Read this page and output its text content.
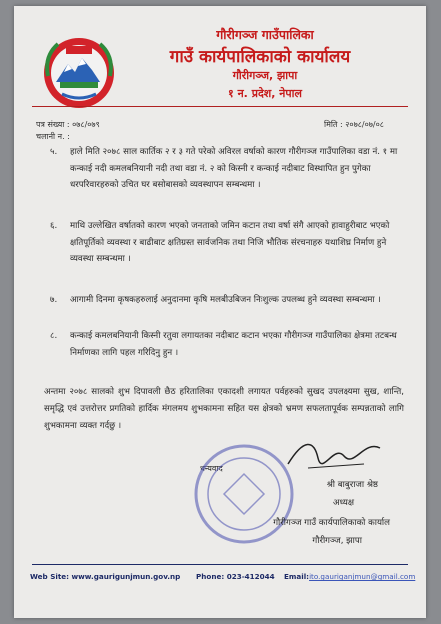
गौरीगञ्ज गाउँपालिका
गाउँ कार्यपालिकाको कार्यालय
गौरीगञ्ज, झापा
१ न. प्रदेश, नेपाल
पत्र संख्या : ०७८/०७९
चलानी न. :
मिति : २०७८/०७/०८
५.	हाले मिति २०७८ साल कार्तिक २ र ३ गते परेको अविरल वर्षाको कारण गौरीगञ्ज गाउँपालिका वडा नं. १ मा कन्काई नदी कमलबनियानी नदी तथा वडा नं. २ को किस्नी र कन्काई नदीबाट विस्थापित हुन पुगेका धरपरिवारहरुको उचित घर बसोबासको व्यवस्थापन सम्बन्धमा ।
६.	माथि उल्लेखित वर्षातको कारण भएको जनताको जमिन कटान तथा वर्षा संगै आएको हावाहुरीबाट भएको क्षतिपूर्तिको व्यवस्था र बाढीबाट क्षतिग्रस्त सार्वजनिक तथा निजि भौतिक संरचनाहरु यथाशिघ्र निर्माण हुने व्यवस्था सम्बन्धमा ।
७.	आगामी दिनमा कृषकहरुलाई अनुदानमा कृषि मलबीउबिजन निःशुल्क उपलब्ध हुने व्यवस्था सम्बन्धमा ।
८.	कन्काई कमलबनियानी किस्नी रतुवा लगायतका नदीबाट कटान भएका गौरीगञ्ज गाउँपालिका क्षेत्रमा तटबन्ध निर्माणका लागि पहल गरिदिनु हुन ।
अन्तमा २०७८ सालको शुभ दिपावली छैठ हरितालिका एकादशी लगायत पर्वहरुको सुखद उपलक्ष्यमा सुख, शान्ति, समृद्धि एवं उत्तरोत्तर प्रगतिको हार्दिक मंगलमय शुभकामना सहित यस क्षेत्रको भ्रमण सफलतापूर्वक सम्पन्नताको लागि शुभकामना व्यक्त गर्दछु ।
धन्यवाद
श्री बाबुराजा श्रेष्ठ
अध्यक्ष
गौरीगञ्ज गाउँ कार्यपालिकाको कार्याल
गौरीगञ्ज, झापा
Web Site: www.gaurigunjmun.gov.np Phone: 023-412044 Email:ito.gauriganjmun@gmail.com
